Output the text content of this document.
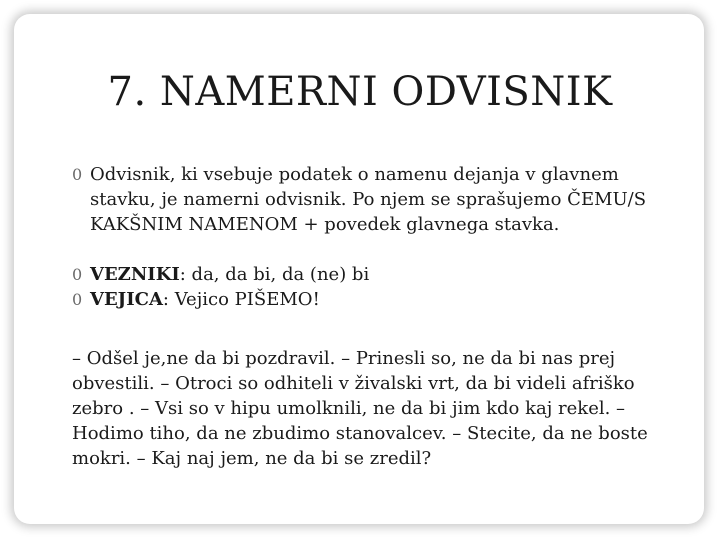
7. NAMERNI ODVISNIK
0 Odvisnik, ki vsebuje podatek o namenu dejanja v glavnem stavku, je namerni odvisnik. Po njem se sprašujemo ČEMU/S KAKŠNIM NAMENOM + povedek glavnega stavka.
0 VEZNIKI: da, da bi, da (ne) bi
0 VEJICA: Vejico PIŠEMO!

– Odšel je,ne da bi pozdravil. – Prinesli so, ne da bi nas prej obvestili. – Otroci so odhiteli v živalski vrt, da bi videli afriško zebro . – Vsi so v hipu umolknili, ne da bi jim kdo kaj rekel. – Hodimo tiho, da ne zbudimo stanovalcev. – Stecite, da ne boste mokri. – Kaj naj jem, ne da bi se zredil?
